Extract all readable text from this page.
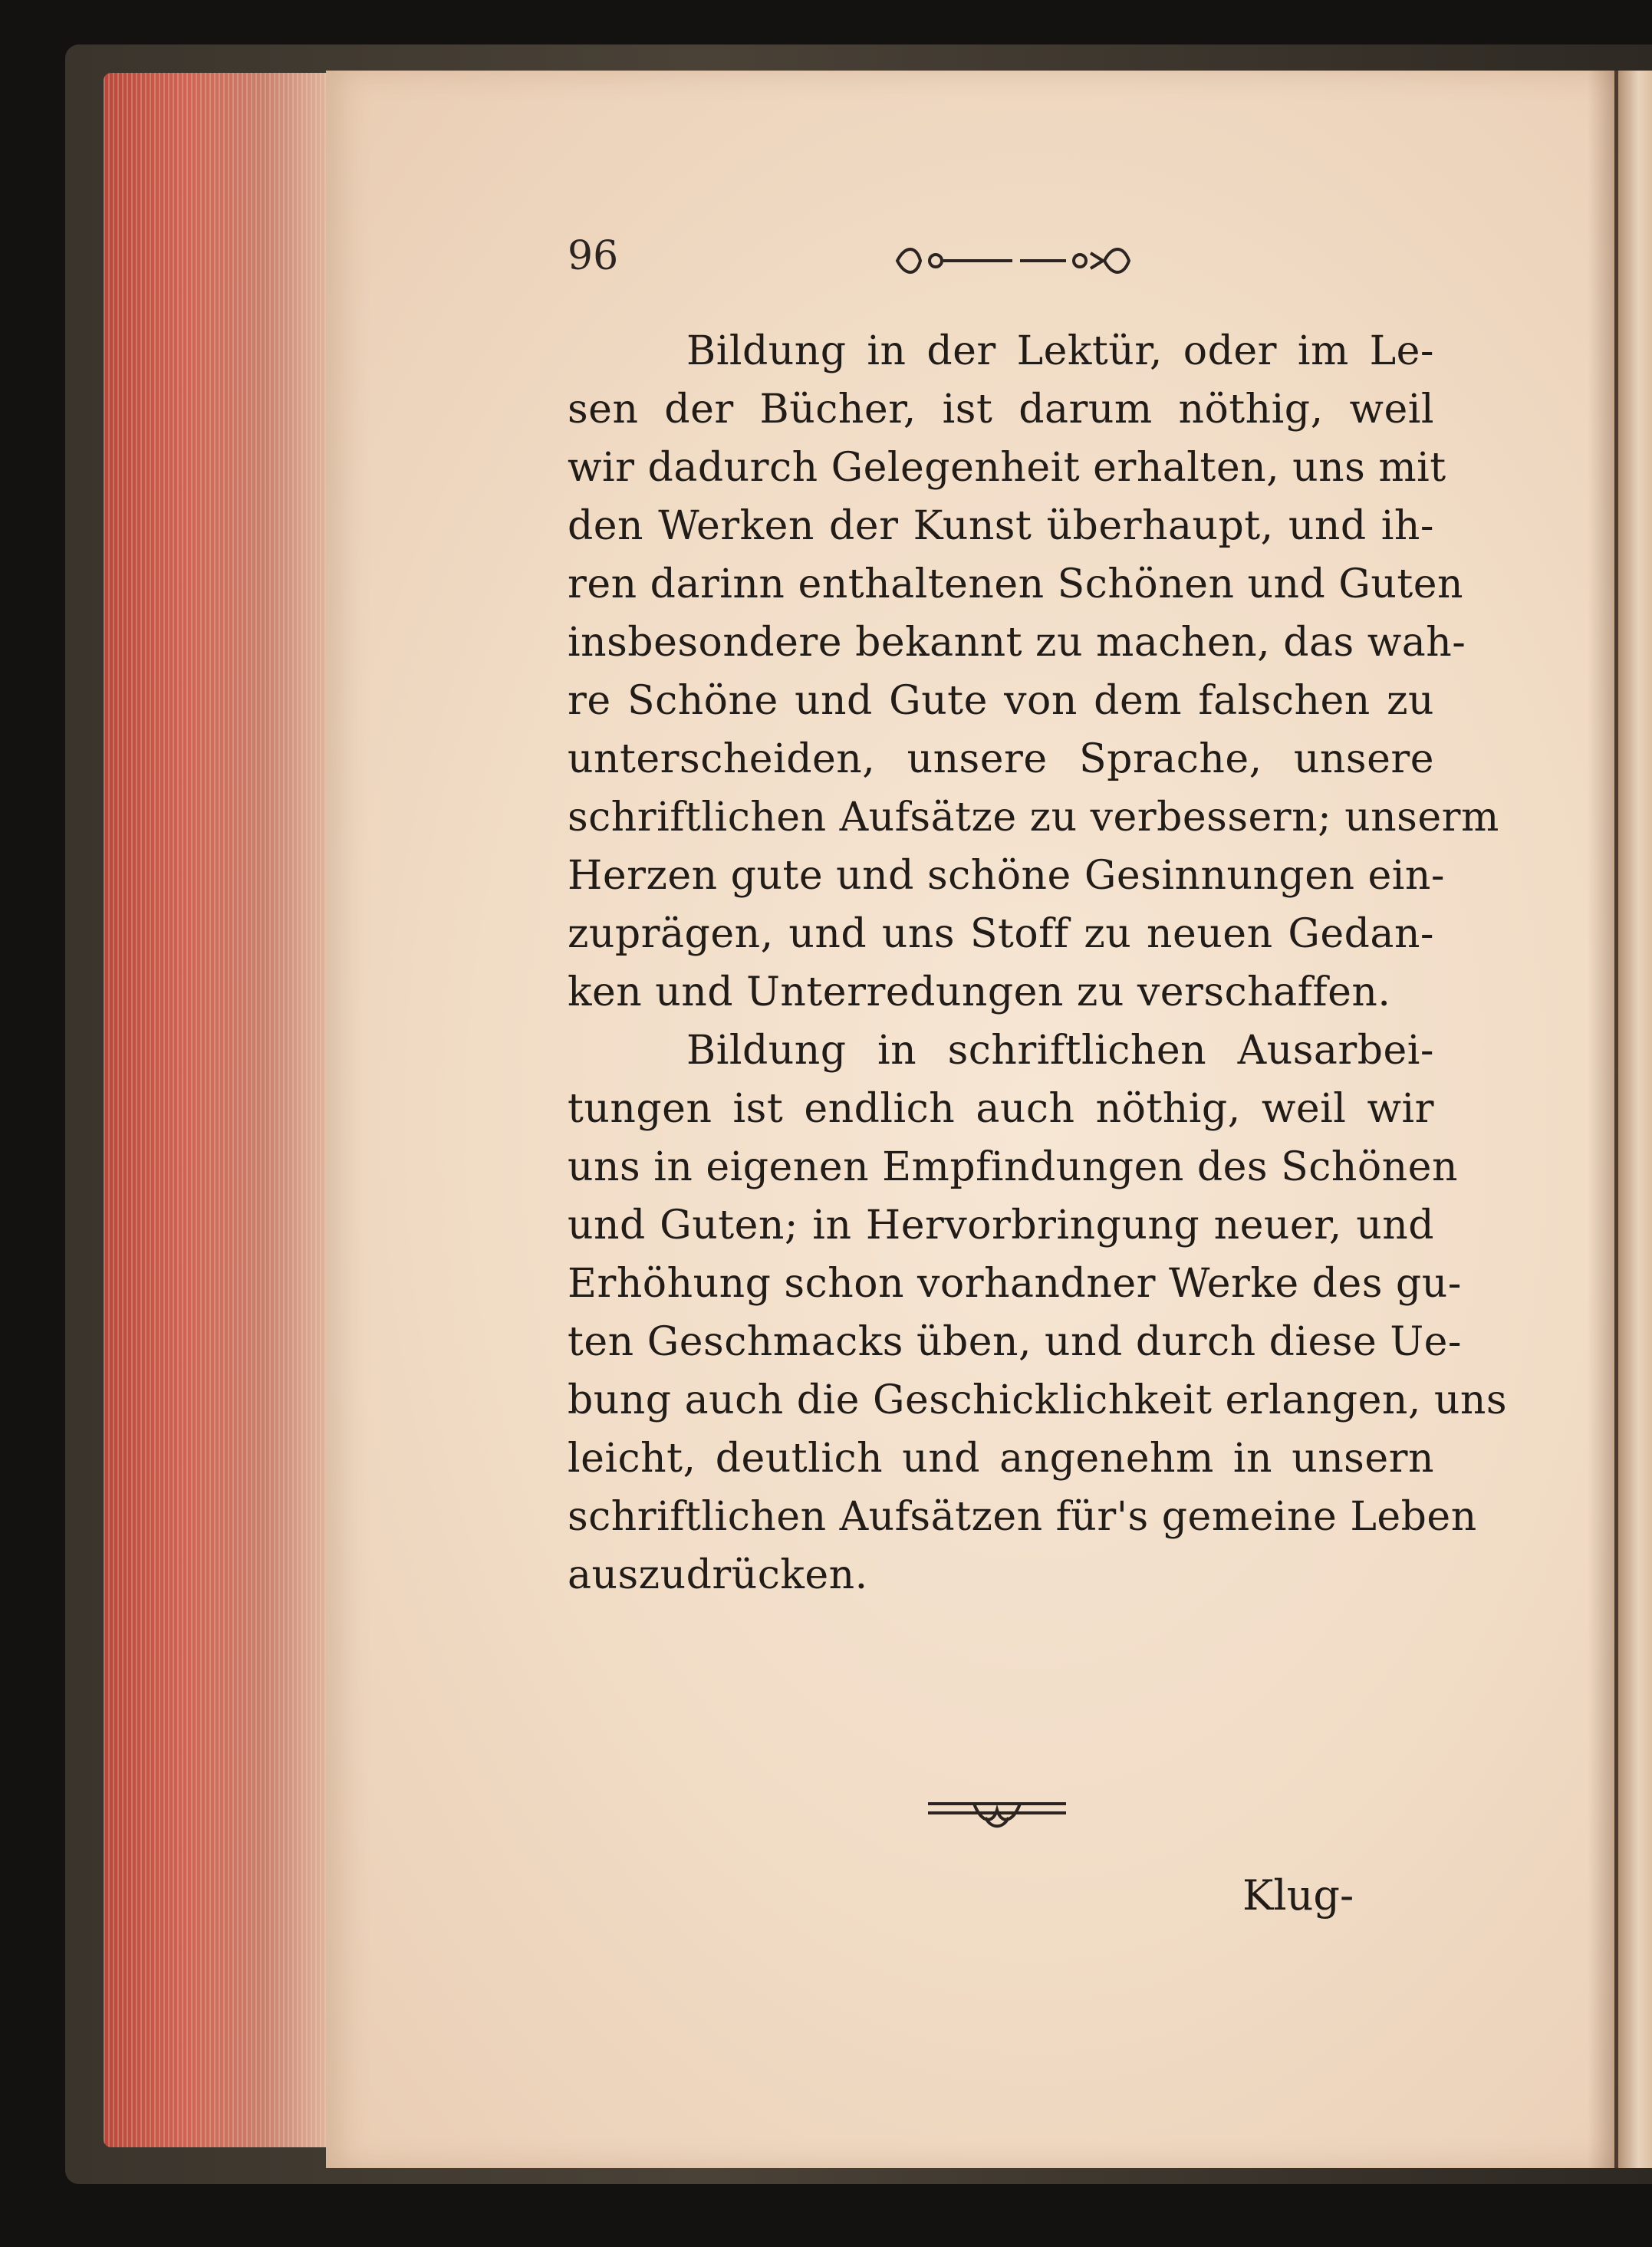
96
Bildung in der Lektür, oder im Le-
sen der Bücher, ist darum nöthig, weil
wir dadurch Gelegenheit erhalten, uns mit
den Werken der Kunst überhaupt, und ih-
ren darinn enthaltenen Schönen und Guten
insbesondere bekannt zu machen, das wah-
re Schöne und Gute von dem falschen zu
unterscheiden, unsere Sprache, unsere
schriftlichen Aufsätze zu verbessern; unserm
Herzen gute und schöne Gesinnungen ein-
zuprägen, und uns Stoff zu neuen Gedan-
ken und Unterredungen zu verschaffen.
Bildung in schriftlichen Ausarbei-
tungen ist endlich auch nöthig, weil wir
uns in eigenen Empfindungen des Schönen
und Guten; in Hervorbringung neuer, und
Erhöhung schon vorhandner Werke des gu-
ten Geschmacks üben, und durch diese Ue-
bung auch die Geschicklichkeit erlangen, uns
leicht, deutlich und angenehm in unsern
schriftlichen Aufsätzen für's gemeine Leben
auszudrücken.
Klug-
